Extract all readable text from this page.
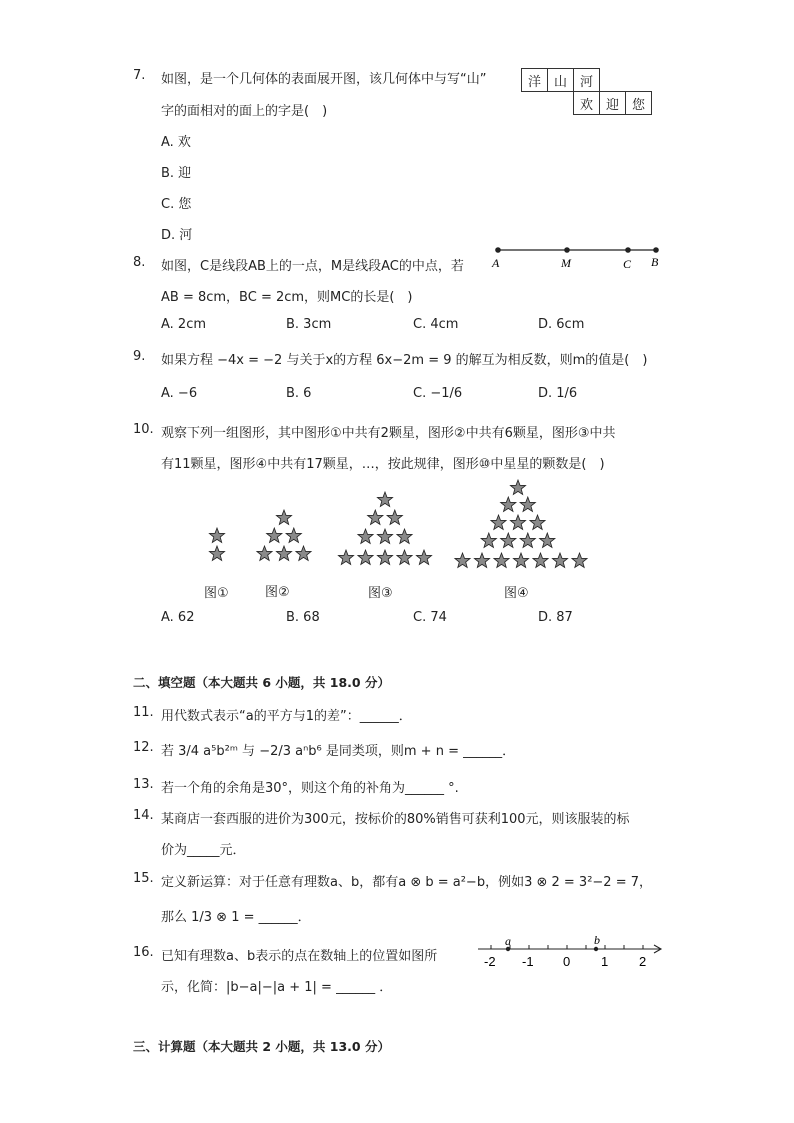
7. 如图，是一个几何体的表面展开图，该几何体中与写“山”
字的面相对的面上的字是(　)
洋	山	河		
		欢	迎	您
A. 欢
B. 迎
C. 您
D. 河
8. 如图，C是线段AB上的一点，M是线段AC的中点，若
AB = 8cm，BC = 2cm，则MC的长是(　)
A	M	C B
A. 2cm	B. 3cm	C. 4cm	D. 6cm
9. 如果方程 −4x = −2 与关于x的方程 6x−2m = 9 的解互为相反数，则m的值是(　)
A. −6	B. 6	C. −1/6	D. 1/6
10. 观察下列一组图形，其中图形①中共有2颗星，图形②中共有6颗星，图形③中共
有11颗星，图形④中共有17颗星，…，按此规律，图形⑩中星星的颗数是(　)
图①	图②	图③	图④
A. 62	B. 68	C. 74	D. 87
二、填空题（本大题共 6 小题，共 18.0 分）
11. 用代数式表示“a的平方与1的差”：______．
12. 若 3/4 a⁵b²ᵐ 与 −2/3 aⁿb⁶ 是同类项，则m + n = ______．
13. 若一个角的余角是30°，则这个角的补角为______ °.
14. 某商店一套西服的进价为300元，按标价的80%销售可获利100元，则该服装的标
价为_____元．
15. 定义新运算：对于任意有理数a、b，都有a ⊗ b = a²−b，例如3 ⊗ 2 = 3²−2 = 7，
那么 1/3 ⊗ 1 = ______．
16. 已知有理数a、b表示的点在数轴上的位置如图所
示，化简：|b−a|−|a + 1| = ______ ．
a	b
-2 -1 0 1 2
三、计算题（本大题共 2 小题，共 13.0 分）
